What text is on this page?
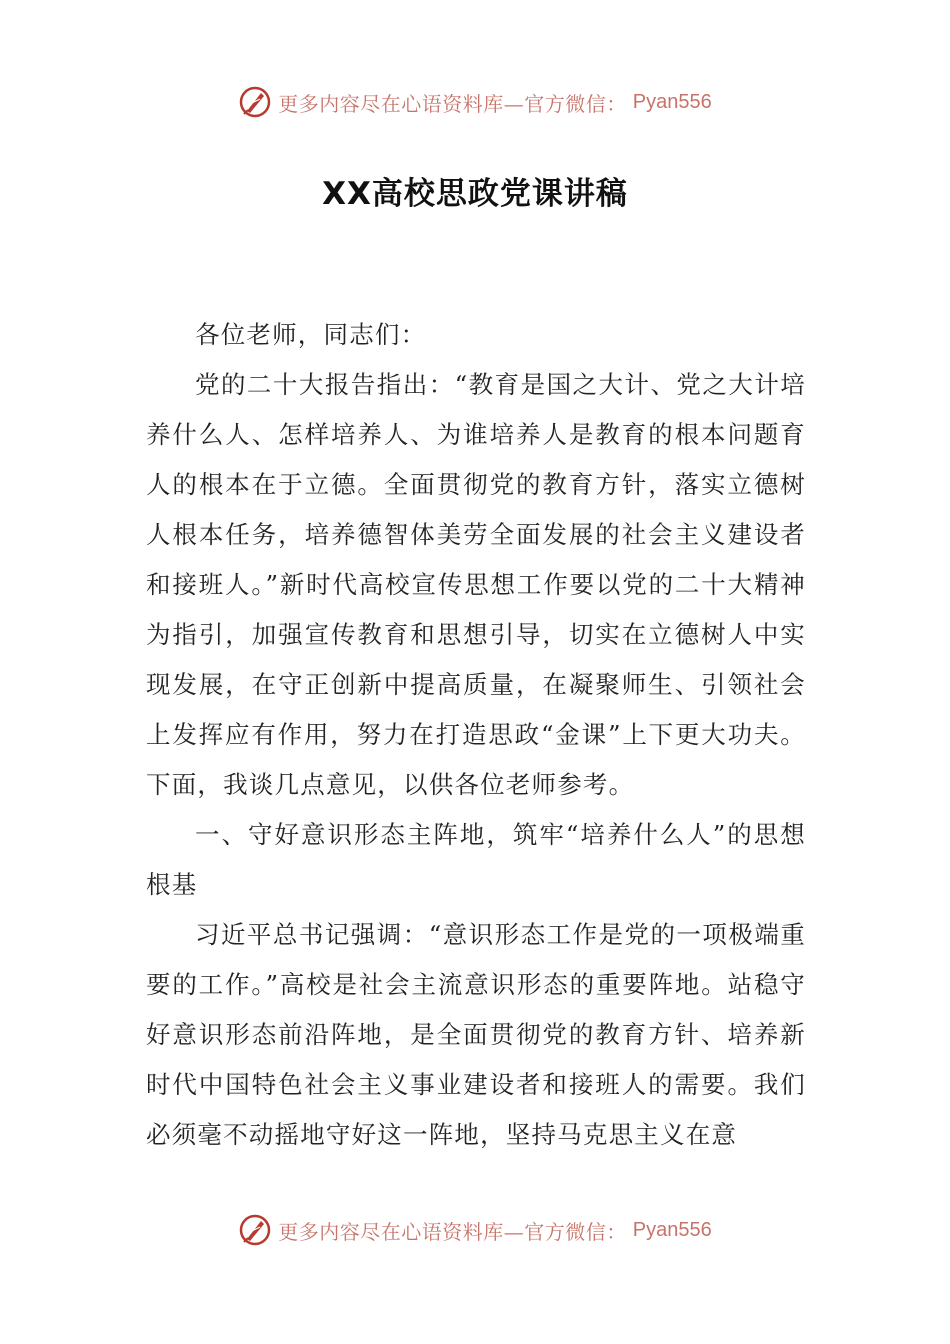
更多内容尽在心语资料库—官方微信： Pyan556
XX高校思政党课讲稿

各位老师，同志们：

党的二十大报告指出：“教育是国之大计、党之大计培养什么人、怎样培养人、为谁培养人是教育的根本问题育人的根本在于立德。全面贯彻党的教育方针，落实立德树人根本任务，培养德智体美劳全面发展的社会主义建设者和接班人。”新时代高校宣传思想工作要以党的二十大精神为指引，加强宣传教育和思想引导，切实在立德树人中实现发展，在守正创新中提高质量，在凝聚师生、引领社会上发挥应有作用，努力在打造思政“金课”上下更大功夫。下面，我谈几点意见，以供各位老师参考。

一、守好意识形态主阵地，筑牢“培养什么人”的思想根基

习近平总书记强调：“意识形态工作是党的一项极端重要的工作。”高校是社会主流意识形态的重要阵地。站稳守好意识形态前沿阵地，是全面贯彻党的教育方针、培养新时代中国特色社会主义事业建设者和接班人的需要。我们必须毫不动摇地守好这一阵地，坚持马克思主义在意

更多内容尽在心语资料库—官方微信： Pyan556
